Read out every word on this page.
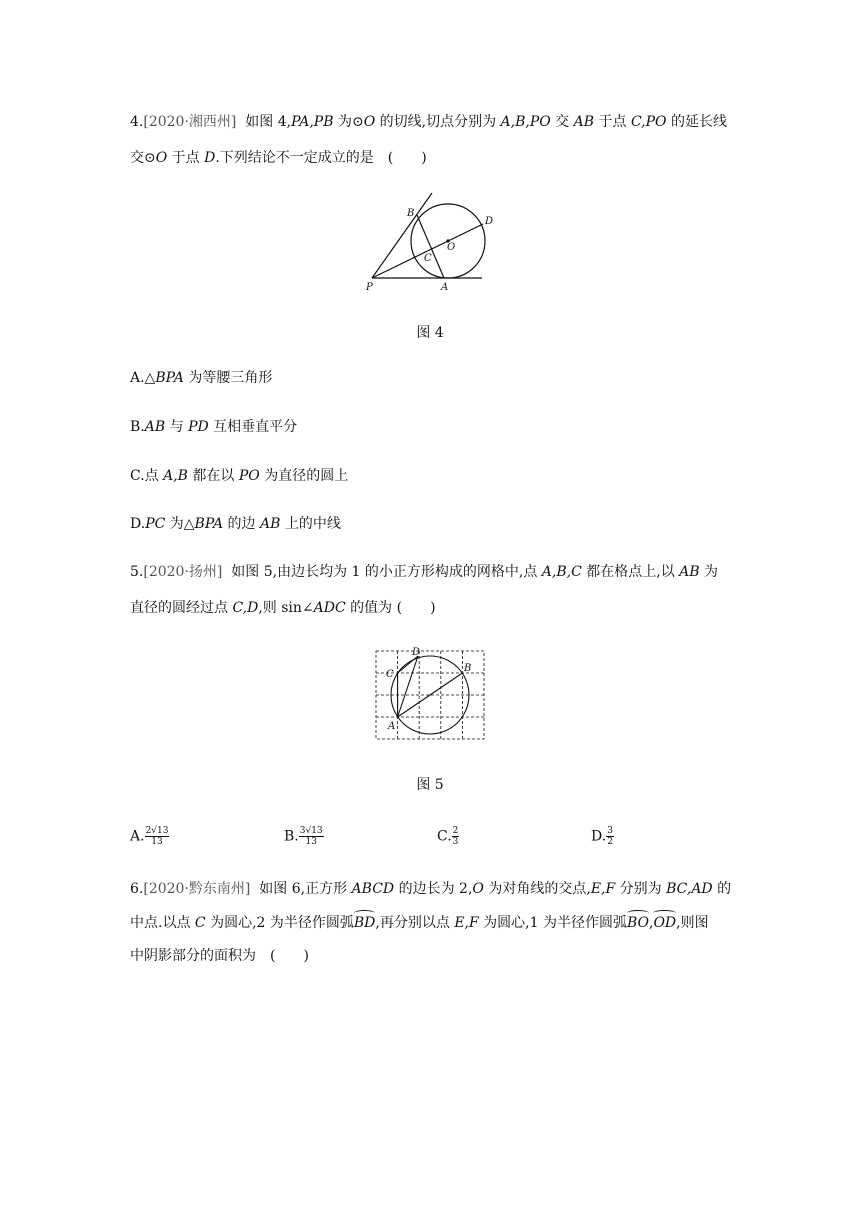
4.[2020·湘西州] 如图 4,PA,PB 为⊙O 的切线,切点分别为 A,B,PO 交 AB 于点 C,PO 的延长线
交⊙O 于点 D.下列结论不一定成立的是　(　　)
B
D
O
C
P	A
图 4
A.△BPA 为等腰三角形
B.AB 与 PD 互相垂直平分
C.点 A,B 都在以 PO 为直径的圆上
D.PC 为△BPA 的边 AB 上的中线
5.[2020·扬州] 如图 5,由边长均为 1 的小正方形构成的网格中,点 A,B,C 都在格点上,以 AB 为
直径的圆经过点 C,D,则 sin∠ADC 的值为 (　　)
D
C
B
A
图 5
A. $\frac{2√13}{13}$	B. $\frac{3√13}{13}$	C. $\frac{2}{3}$	D. $\frac{3}{2}$
6.[2020·黔东南州] 如图 6,正方形 ABCD 的边长为 2,O 为对角线的交点,E,F 分别为 BC,AD 的
中点.以点 C 为圆心,2 为半径作圆弧BD,再分别以点 E,F 为圆心,1 为半径作圆弧BO,OD,则图
中阴影部分的面积为　(　　)
